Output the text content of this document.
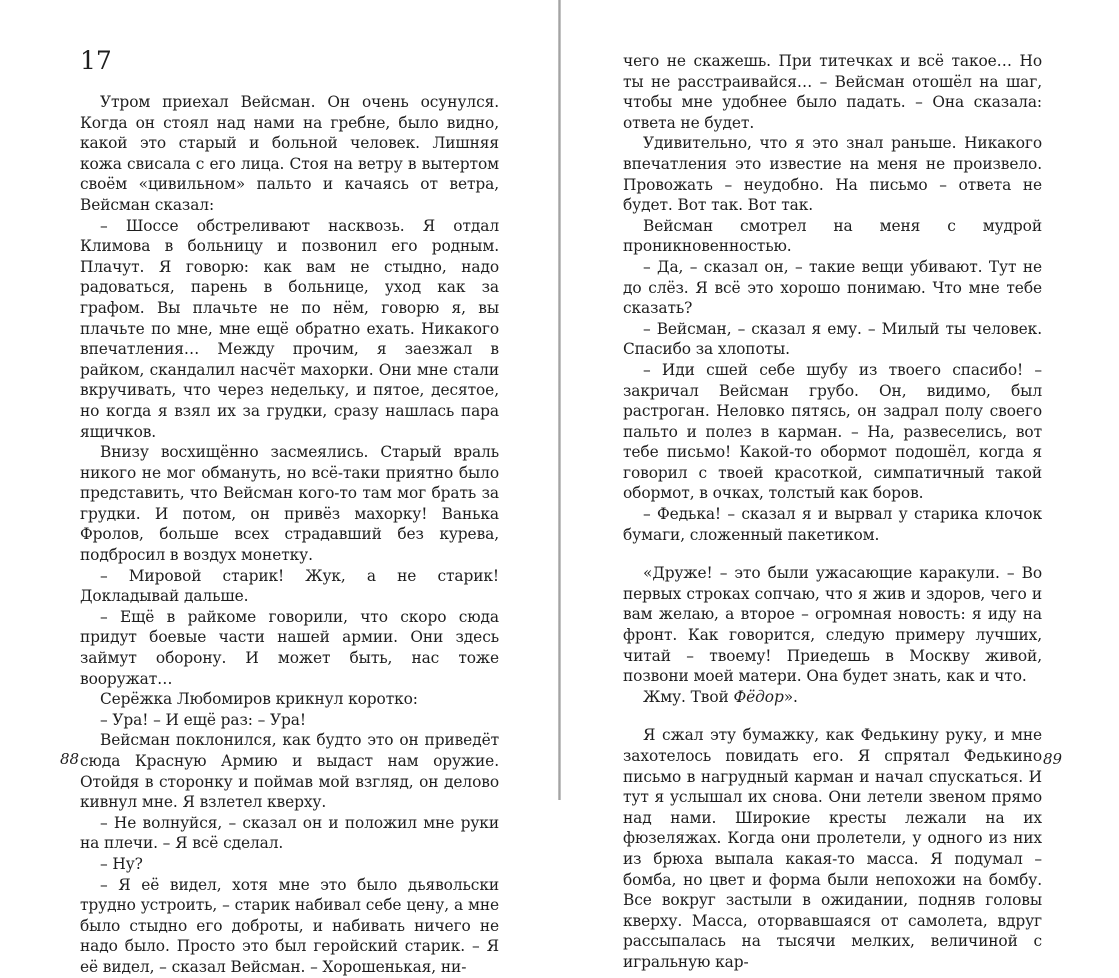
17

Утром приехал Вейсман. Он очень осунулся. Когда он стоял над нами на гребне, было видно, какой это старый и больной человек. Лишняя кожа свисала с его лица. Стоя на ветру в вытертом своём «цивильном» пальто и качаясь от ветра, Вейсман сказал:

– Шоссе обстреливают насквозь. Я отдал Климова в больницу и позвонил его родным. Плачут. Я говорю: как вам не стыдно, надо радоваться, парень в больнице, уход как за графом. Вы плачьте не по нём, говорю я, вы плачьте по мне, мне ещё обратно ехать. Никакого впечатления… Между прочим, я заезжал в райком, скандалил насчёт махорки. Они мне стали вкручивать, что через недельку, и пятое, десятое, но когда я взял их за грудки, сразу нашлась пара ящичков.

Внизу восхищённо засмеялись. Старый враль никого не мог обмануть, но всё-таки приятно было представить, что Вейсман кого-то там мог брать за грудки. И потом, он привёз махорку! Ванька Фролов, больше всех страдавший без курева, подбросил в воздух монетку.

– Мировой старик! Жук, а не старик! Докладывай дальше.

– Ещё в райкоме говорили, что скоро сюда придут боевые части нашей армии. Они здесь займут оборону. И может быть, нас тоже вооружат…

Серёжка Любомиров крикнул коротко:

– Ура! – И ещё раз: – Ура!

Вейсман поклонился, как будто это он приведёт сюда Красную Армию и выдаст нам оружие. Отойдя в сторонку и поймав мой взгляд, он делово кивнул мне. Я взлетел кверху.

– Не волнуйся, – сказал он и положил мне руки на плечи. – Я всё сделал.

– Ну?

– Я её видел, хотя мне это было дьявольски трудно устроить, – старик набивал себе цену, а мне было стыдно его доброты, и набивать ничего не надо было. Просто это был геройский старик. – Я её видел, – сказал Вейсман. – Хорошенькая, ни-

88

чего не скажешь. При титечках и всё такое… Но ты не расстраивайся… – Вейсман отошёл на шаг, чтобы мне удобнее было падать. – Она сказала: ответа не будет.

Удивительно, что я это знал раньше. Никакого впечатления это известие на меня не произвело. Провожать – неудобно. На письмо – ответа не будет. Вот так. Вот так.

Вейсман смотрел на меня с мудрой проникновенностью.

– Да, – сказал он, – такие вещи убивают. Тут не до слёз. Я всё это хорошо понимаю. Что мне тебе сказать?

– Вейсман, – сказал я ему. – Милый ты человек. Спасибо за хлопоты.

– Иди сшей себе шубу из твоего спасибо! – закричал Вейсман грубо. Он, видимо, был растроган. Неловко пятясь, он задрал полу своего пальто и полез в карман. – На, развеселись, вот тебе письмо! Какой-то обормот подошёл, когда я говорил с твоей красоткой, симпатичный такой обормот, в очках, толстый как боров.

– Федька! – сказал я и вырвал у старика клочок бумаги, сложенный пакетиком.

«Друже! – это были ужасающие каракули. – Во первых строках сопчаю, что я жив и здоров, чего и вам желаю, а второе – огромная новость: я иду на фронт. Как говорится, следую примеру лучших, читай – твоему! Приедешь в Москву живой, позвони моей матери. Она будет знать, как и что.

Жму. Твой Фёдор».

Я сжал эту бумажку, как Федькину руку, и мне захотелось повидать его. Я спрятал Федькино письмо в нагрудный карман и начал спускаться. И тут я услышал их снова. Они летели звеном прямо над нами. Широкие кресты лежали на их фюзеляжах. Когда они пролетели, у одного из них из брюха выпала какая-то масса. Я подумал – бомба, но цвет и форма были непохожи на бомбу. Все вокруг застыли в ожидании, подняв головы кверху. Масса, оторвавшаяся от самолета, вдруг рассыпалась на тысячи мелких, величиной с игральную кар-

89
